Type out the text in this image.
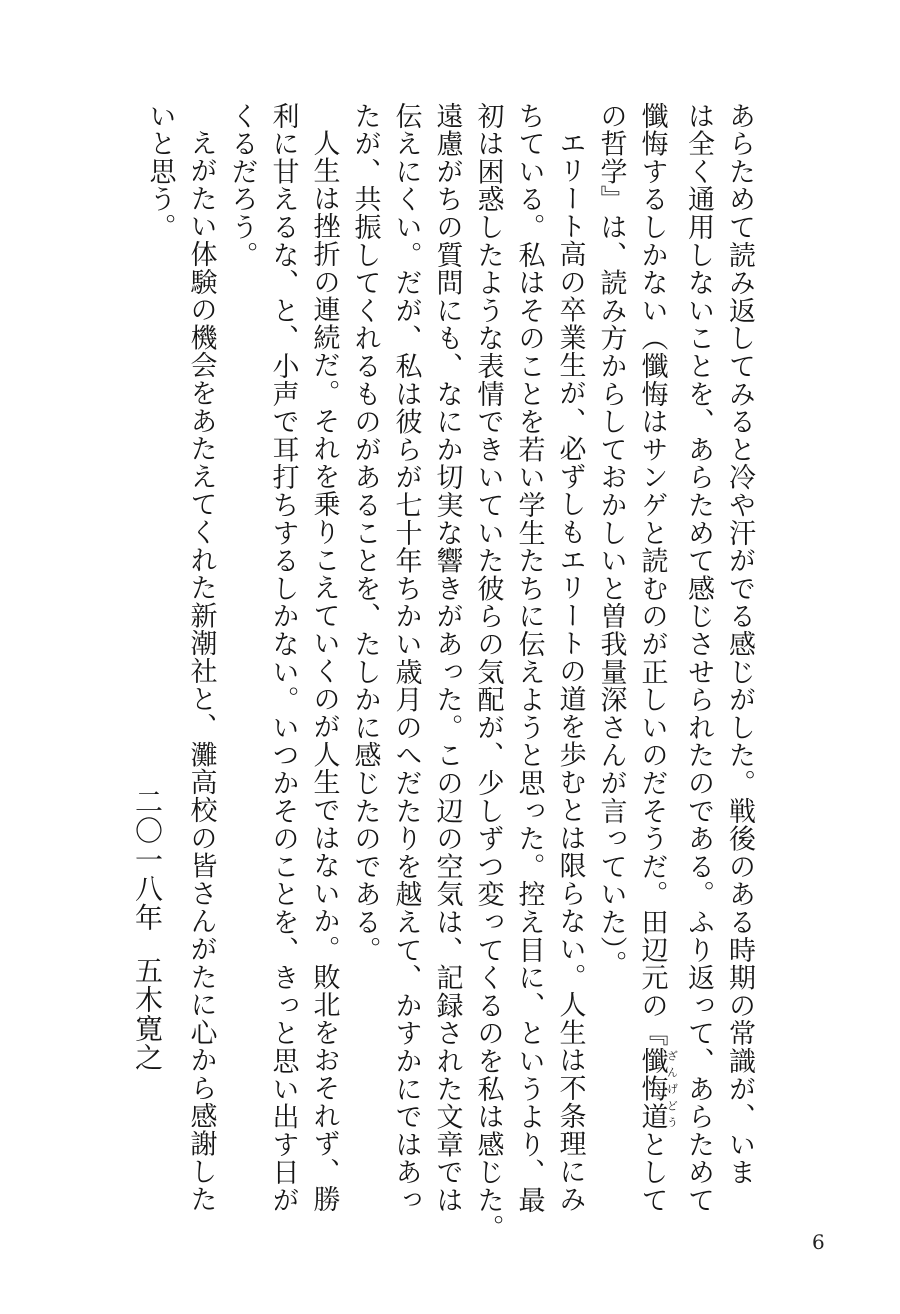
あらためて読み返してみると冷や汗がでる感じがした。戦後のある時期の常識が、いま
は全く通用しないことを、あらためて感じさせられたのである。ふり返って、あらためて
懺悔するしかない（懺悔はサンゲと読むのが正しいのだそうだ。田辺元の『懺悔道ざんげどうとして
の哲学』は、読み方からしておかしいと曽我量深さんが言っていた）。
エリート高の卒業生が、必ずしもエリートの道を歩むとは限らない。人生は不条理にみ
ちている。私はそのことを若い学生たちに伝えようと思った。控え目に、というより、最
初は困惑したような表情できいていた彼らの気配が、少しずつ変ってくるのを私は感じた。
遠慮がちの質問にも、なにか切実な響きがあった。この辺の空気は、記録された文章では
伝えにくい。だが、私は彼らが七十年ちかい歳月のへだたりを越えて、かすかにではあっ
たが、共振してくれるものがあることを、たしかに感じたのである。
人生は挫折の連続だ。それを乗りこえていくのが人生ではないか。敗北をおそれず、勝
利に甘えるな、と、小声で耳打ちするしかない。いつかそのことを、きっと思い出す日が
くるだろう。
えがたい体験の機会をあたえてくれた新潮社と、灘高校の皆さんがたに心から感謝した
いと思う。
二〇一八年五木寛之
6
